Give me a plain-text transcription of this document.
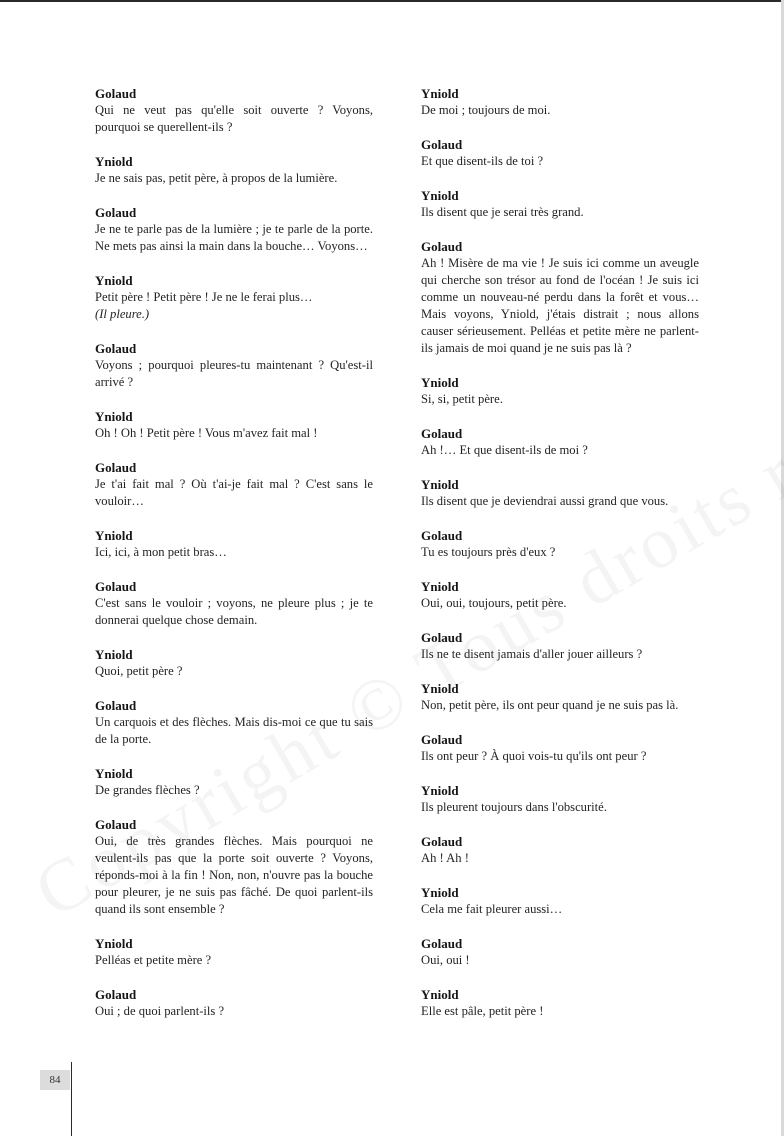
Golaud
Qui ne veut pas qu'elle soit ouverte ? Voyons, pourquoi se querellent-ils ?
Yniold
Je ne sais pas, petit père, à propos de la lumière.
Golaud
Je ne te parle pas de la lumière ; je te parle de la porte. Ne mets pas ainsi la main dans la bouche… Voyons…
Yniold
Petit père ! Petit père ! Je ne le ferai plus…
(Il pleure.)
Golaud
Voyons ; pourquoi pleures-tu maintenant ? Qu'est-il arrivé ?
Yniold
Oh ! Oh ! Petit père ! Vous m'avez fait mal !
Golaud
Je t'ai fait mal ? Où t'ai-je fait mal ? C'est sans le vouloir…
Yniold
Ici, ici, à mon petit bras…
Golaud
C'est sans le vouloir ; voyons, ne pleure plus ; je te donnerai quelque chose demain.
Yniold
Quoi, petit père ?
Golaud
Un carquois et des flèches. Mais dis-moi ce que tu sais de la porte.
Yniold
De grandes flèches ?
Golaud
Oui, de très grandes flèches. Mais pourquoi ne veulent-ils pas que la porte soit ouverte ? Voyons, réponds-moi à la fin ! Non, non, n'ouvre pas la bouche pour pleurer, je ne suis pas fâché. De quoi parlent-ils quand ils sont ensemble ?
Yniold
Pelléas et petite mère ?
Golaud
Oui ; de quoi parlent-ils ?
Yniold
De moi ; toujours de moi.
Golaud
Et que disent-ils de toi ?
Yniold
Ils disent que je serai très grand.
Golaud
Ah ! Misère de ma vie ! Je suis ici comme un aveugle qui cherche son trésor au fond de l'océan ! Je suis ici comme un nouveau-né perdu dans la forêt et vous… Mais voyons, Yniold, j'étais distrait ; nous allons causer sérieusement. Pelléas et petite mère ne parlent-ils jamais de moi quand je ne suis pas là ?
Yniold
Si, si, petit père.
Golaud
Ah !… Et que disent-ils de moi ?
Yniold
Ils disent que je deviendrai aussi grand que vous.
Golaud
Tu es toujours près d'eux ?
Yniold
Oui, oui, toujours, petit père.
Golaud
Ils ne te disent jamais d'aller jouer ailleurs ?
Yniold
Non, petit père, ils ont peur quand je ne suis pas là.
Golaud
Ils ont peur ? À quoi vois-tu qu'ils ont peur ?
Yniold
Ils pleurent toujours dans l'obscurité.
Golaud
Ah ! Ah !
Yniold
Cela me fait pleurer aussi…
Golaud
Oui, oui !
Yniold
Elle est pâle, petit père !
84
